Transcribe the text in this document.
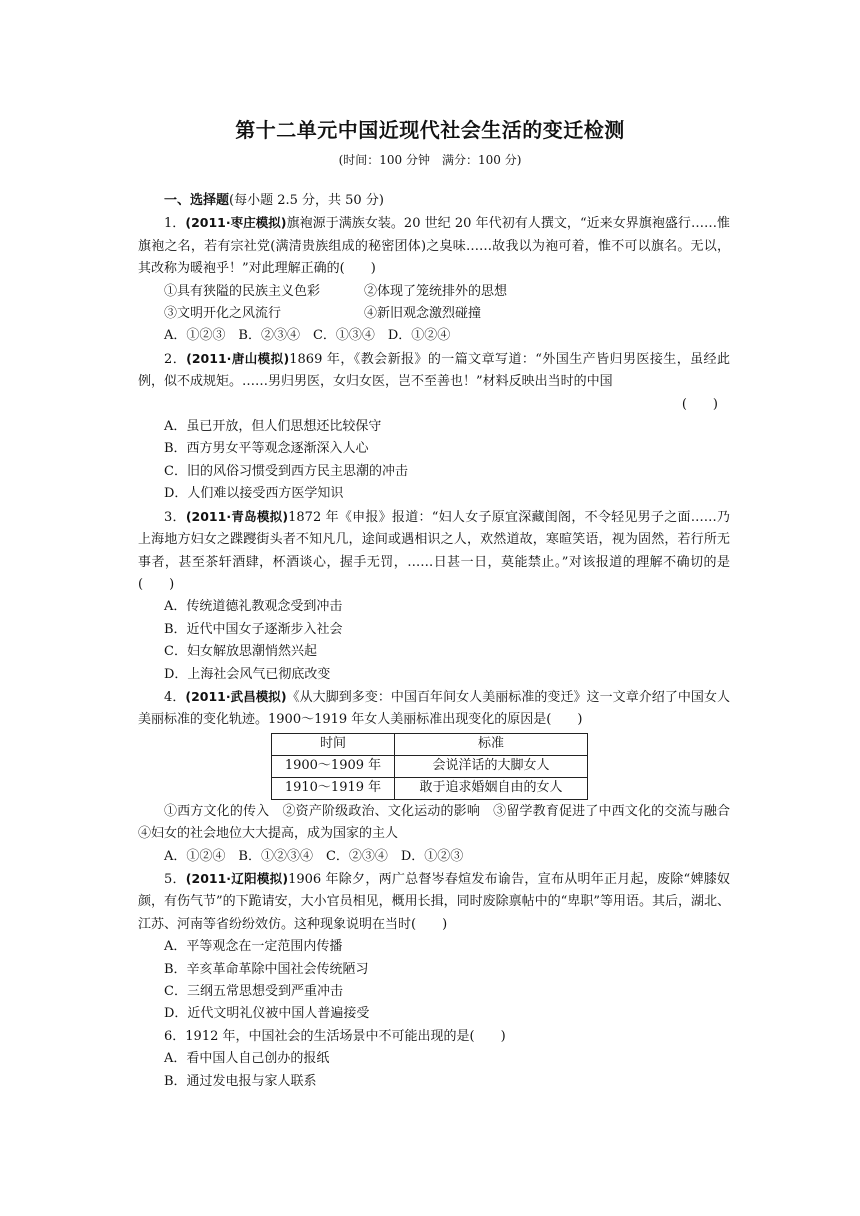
第十二单元中国近现代社会生活的变迁检测
(时间：100 分钟　满分：100 分)
一、选择题(每小题 2.5 分，共 50 分)
1．(2011·枣庄模拟)旗袍源于满族女装。20 世纪 20 年代初有人撰文，“近来女界旗袍盛行……惟旗袍之名，若有宗社党(满清贵族组成的秘密团体)之臭味……故我以为袍可着，惟不可以旗名。无以，其改称为暖袍乎！”对此理解正确的(　　)
①具有狭隘的民族主义色彩	②体现了笼统排外的思想
③文明开化之风流行	④新旧观念激烈碰撞
A．①②③　B．②③④　C．①③④　D．①②④
2．(2011·唐山模拟)1869 年，《教会新报》的一篇文章写道：“外国生产皆归男医接生，虽经此例，似不成规矩。……男归男医，女归女医，岂不至善也！”材料反映出当时的中国
(　　)
A．虽已开放，但人们思想还比较保守
B．西方男女平等观念逐渐深入人心
C．旧的风俗习惯受到西方民主思潮的冲击
D．人们难以接受西方医学知识
3．(2011·青岛模拟)1872 年《申报》报道：“妇人女子原宜深藏闺阁，不令轻见男子之面……乃上海地方妇女之蹀躞街头者不知凡几，途间或遇相识之人，欢然道故，寒暄笑语，视为固然，若行所无事者，甚至茶轩酒肆，杯酒谈心，握手无罚，……日甚一日，莫能禁止。”对该报道的理解不确切的是(　　)
A．传统道德礼教观念受到冲击
B．近代中国女子逐渐步入社会
C．妇女解放思潮悄然兴起
D．上海社会风气已彻底改变
4．(2011·武昌模拟)《从大脚到多变：中国百年间女人美丽标准的变迁》这一文章介绍了中国女人美丽标准的变化轨迹。1900～1919 年女人美丽标准出现变化的原因是(　　)
时间	标准
1900～1909 年	会说洋话的大脚女人
1910～1919 年	敢于追求婚姻自由的女人
①西方文化的传入　②资产阶级政治、文化运动的影响　③留学教育促进了中西文化的交流与融合　④妇女的社会地位大大提高，成为国家的主人
A．①②④　B．①②③④　C．②③④　D．①②③
5．(2011·辽阳模拟)1906 年除夕，两广总督岑春煊发布谕告，宣布从明年正月起，废除“婢膝奴颜，有伤气节”的下跪请安，大小官员相见，概用长揖，同时废除禀帖中的“卑职”等用语。其后，湖北、江苏、河南等省纷纷效仿。这种现象说明在当时(　　)
A．平等观念在一定范围内传播
B．辛亥革命革除中国社会传统陋习
C．三纲五常思想受到严重冲击
D．近代文明礼仪被中国人普遍接受
6．1912 年，中国社会的生活场景中不可能出现的是(　　)
A．看中国人自己创办的报纸
B．通过发电报与家人联系
